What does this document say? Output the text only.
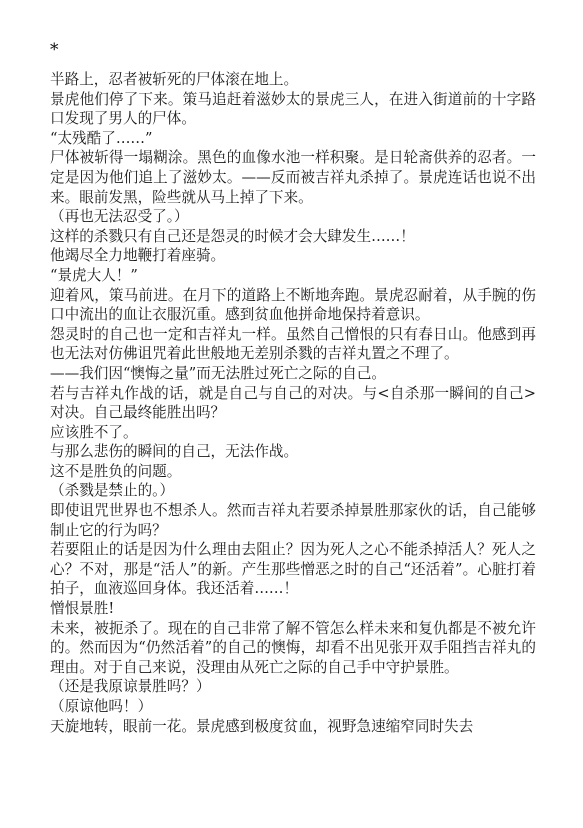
*

半路上，忍者被斩死的尸体滚在地上。

景虎他们停了下来。策马追赶着滋妙太的景虎三人，在进入街道前的十字路口发现了男人的尸体。

“太残酷了……”

尸体被斩得一塌糊涂。黑色的血像水池一样积聚。是日轮斋供养的忍者。一定是因为他们追上了滋妙太。——反而被吉祥丸杀掉了。景虎连话也说不出来。眼前发黑，险些就从马上掉了下来。

（再也无法忍受了。）

这样的杀戮只有自己还是怨灵的时候才会大肆发生……！

他竭尽全力地鞭打着座骑。

“景虎大人！”

迎着风，策马前进。在月下的道路上不断地奔跑。景虎忍耐着，从手腕的伤口中流出的血让衣服沉重。感到贫血他拼命地保持着意识。

怨灵时的自己也一定和吉祥丸一样。虽然自己憎恨的只有春日山。他感到再也无法对仿佛诅咒着此世般地无差别杀戮的吉祥丸置之不理了。

——我们因“懊悔之量”而无法胜过死亡之际的自己。

若与吉祥丸作战的话，就是自己与自己的对决。与<自杀那一瞬间的自己>对决。自己最终能胜出吗？

应该胜不了。

与那么悲伤的瞬间的自己，无法作战。

这不是胜负的问题。

（杀戮是禁止的。）

即使诅咒世界也不想杀人。然而吉祥丸若要杀掉景胜那家伙的话，自己能够制止它的行为吗？

若要阻止的话是因为什么理由去阻止？因为死人之心不能杀掉活人？死人之心？不对，那是“活人”的新。产生那些憎恶之时的自己“还活着”。心脏打着拍子，血液巡回身体。我还活着……！

憎恨景胜!

未来，被扼杀了。现在的自己非常了解不管怎么样未来和复仇都是不被允许的。然而因为“仍然活着”的自己的懊悔，却看不出见张开双手阻挡吉祥丸的理由。对于自己来说，没理由从死亡之际的自己手中守护景胜。

（还是我原谅景胜吗？）

（原谅他吗！）

天旋地转，眼前一花。景虎感到极度贫血，视野急速缩窄同时失去
